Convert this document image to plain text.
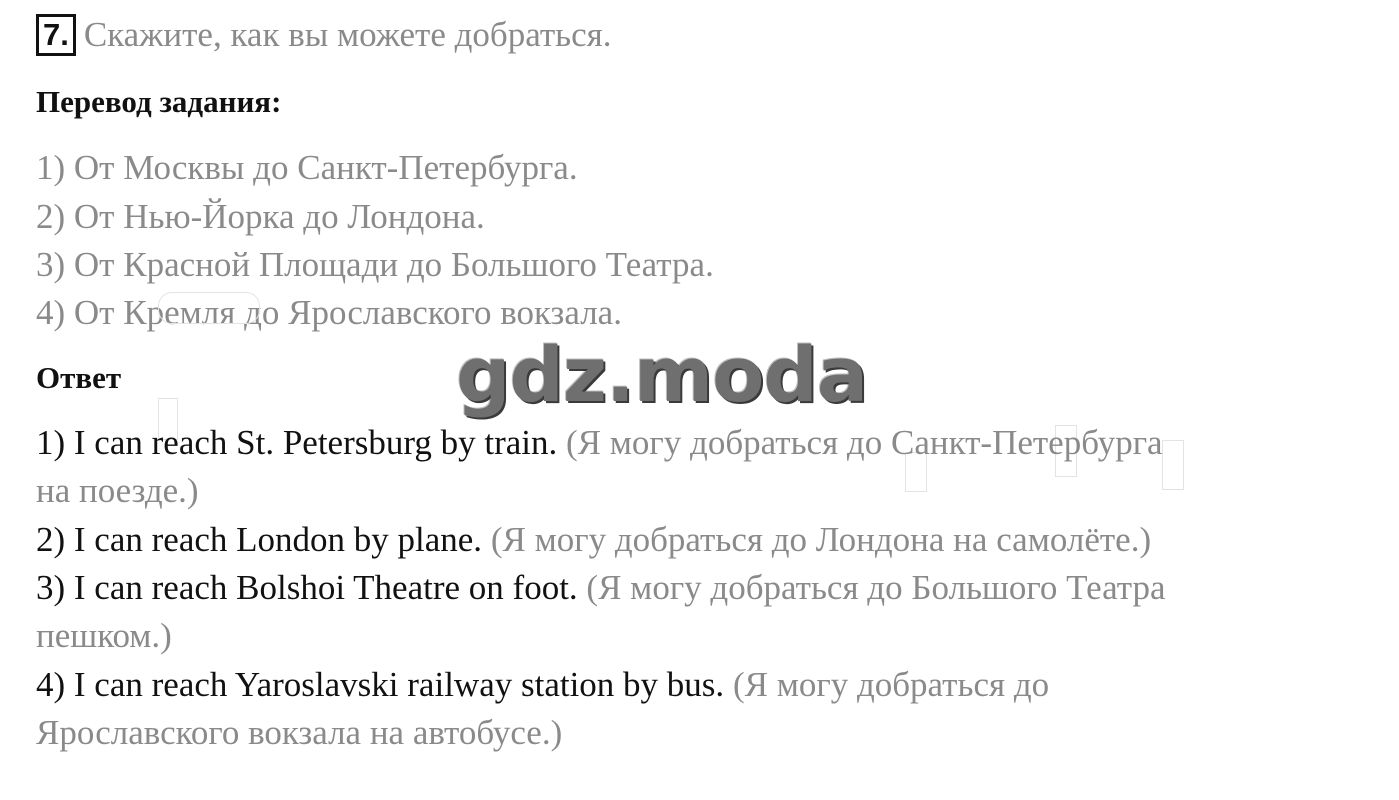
7. Скажите, как вы можете добраться.
Перевод задания:
1) От Москвы до Санкт-Петербурга.
2) От Нью-Йорка до Лондона.
3) От Красной Площади до Большого Театра.
4) От Кремля до Ярославского вокзала.
Ответ	gdz.moda
1) I can reach St. Petersburg by train. (Я могу добраться до Санкт-Петербурга
на поезде.)
2) I can reach London by plane. (Я могу добраться до Лондона на самолёте.)
3) I can reach Bolshoi Theatre on foot. (Я могу добраться до Большого Театра
пешком.)
4) I can reach Yaroslavski railway station by bus. (Я могу добраться до
Ярославского вокзала на автобусе.)
